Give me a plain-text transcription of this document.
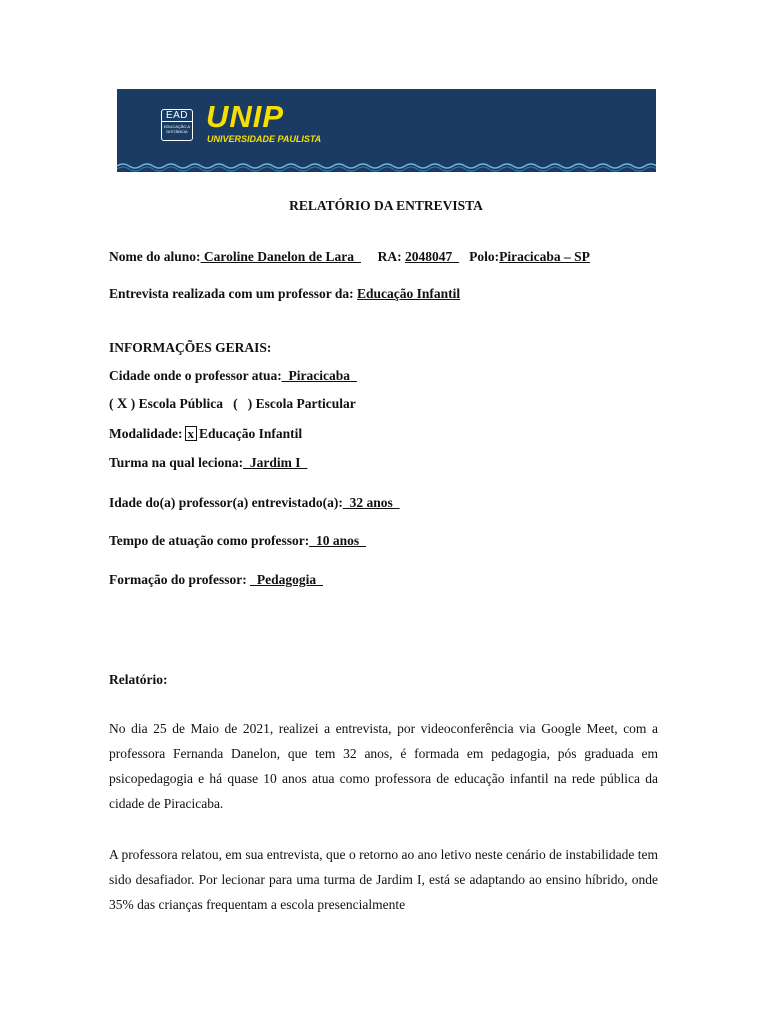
EAD
EDUCAÇÃO A DISTÂNCIA UNIP
UNIVERSIDADE PAULISTA
RELATÓRIO DA ENTREVISTA
Nome do aluno: Caroline Danelon de Lara_ RA: 2048047_ Polo:Piracicaba – SP
Entrevista realizada com um professor da: Educação Infantil
INFORMAÇÕES GERAIS:
Cidade onde o professor atua:_Piracicaba_
( X ) Escola Pública ( ) Escola Particular
Modalidade: x Educação Infantil
Turma na qual leciona:_Jardim I_
Idade do(a) professor(a) entrevistado(a):_32 anos_
Tempo de atuação como professor:_10 anos_
Formação do professor: _Pedagogia_
Relatório:
No dia 25 de Maio de 2021, realizei a entrevista, por videoconferência via Google Meet, com a professora Fernanda Danelon, que tem 32 anos, é formada em pedagogia, pós graduada em psicopedagogia e há quase 10 anos atua como professora de educação infantil na rede pública da cidade de Piracicaba.
A professora relatou, em sua entrevista, que o retorno ao ano letivo neste cenário de instabilidade tem sido desafiador. Por lecionar para uma turma de Jardim I, está se adaptando ao ensino híbrido, onde 35% das crianças frequentam a escola presencialmente
